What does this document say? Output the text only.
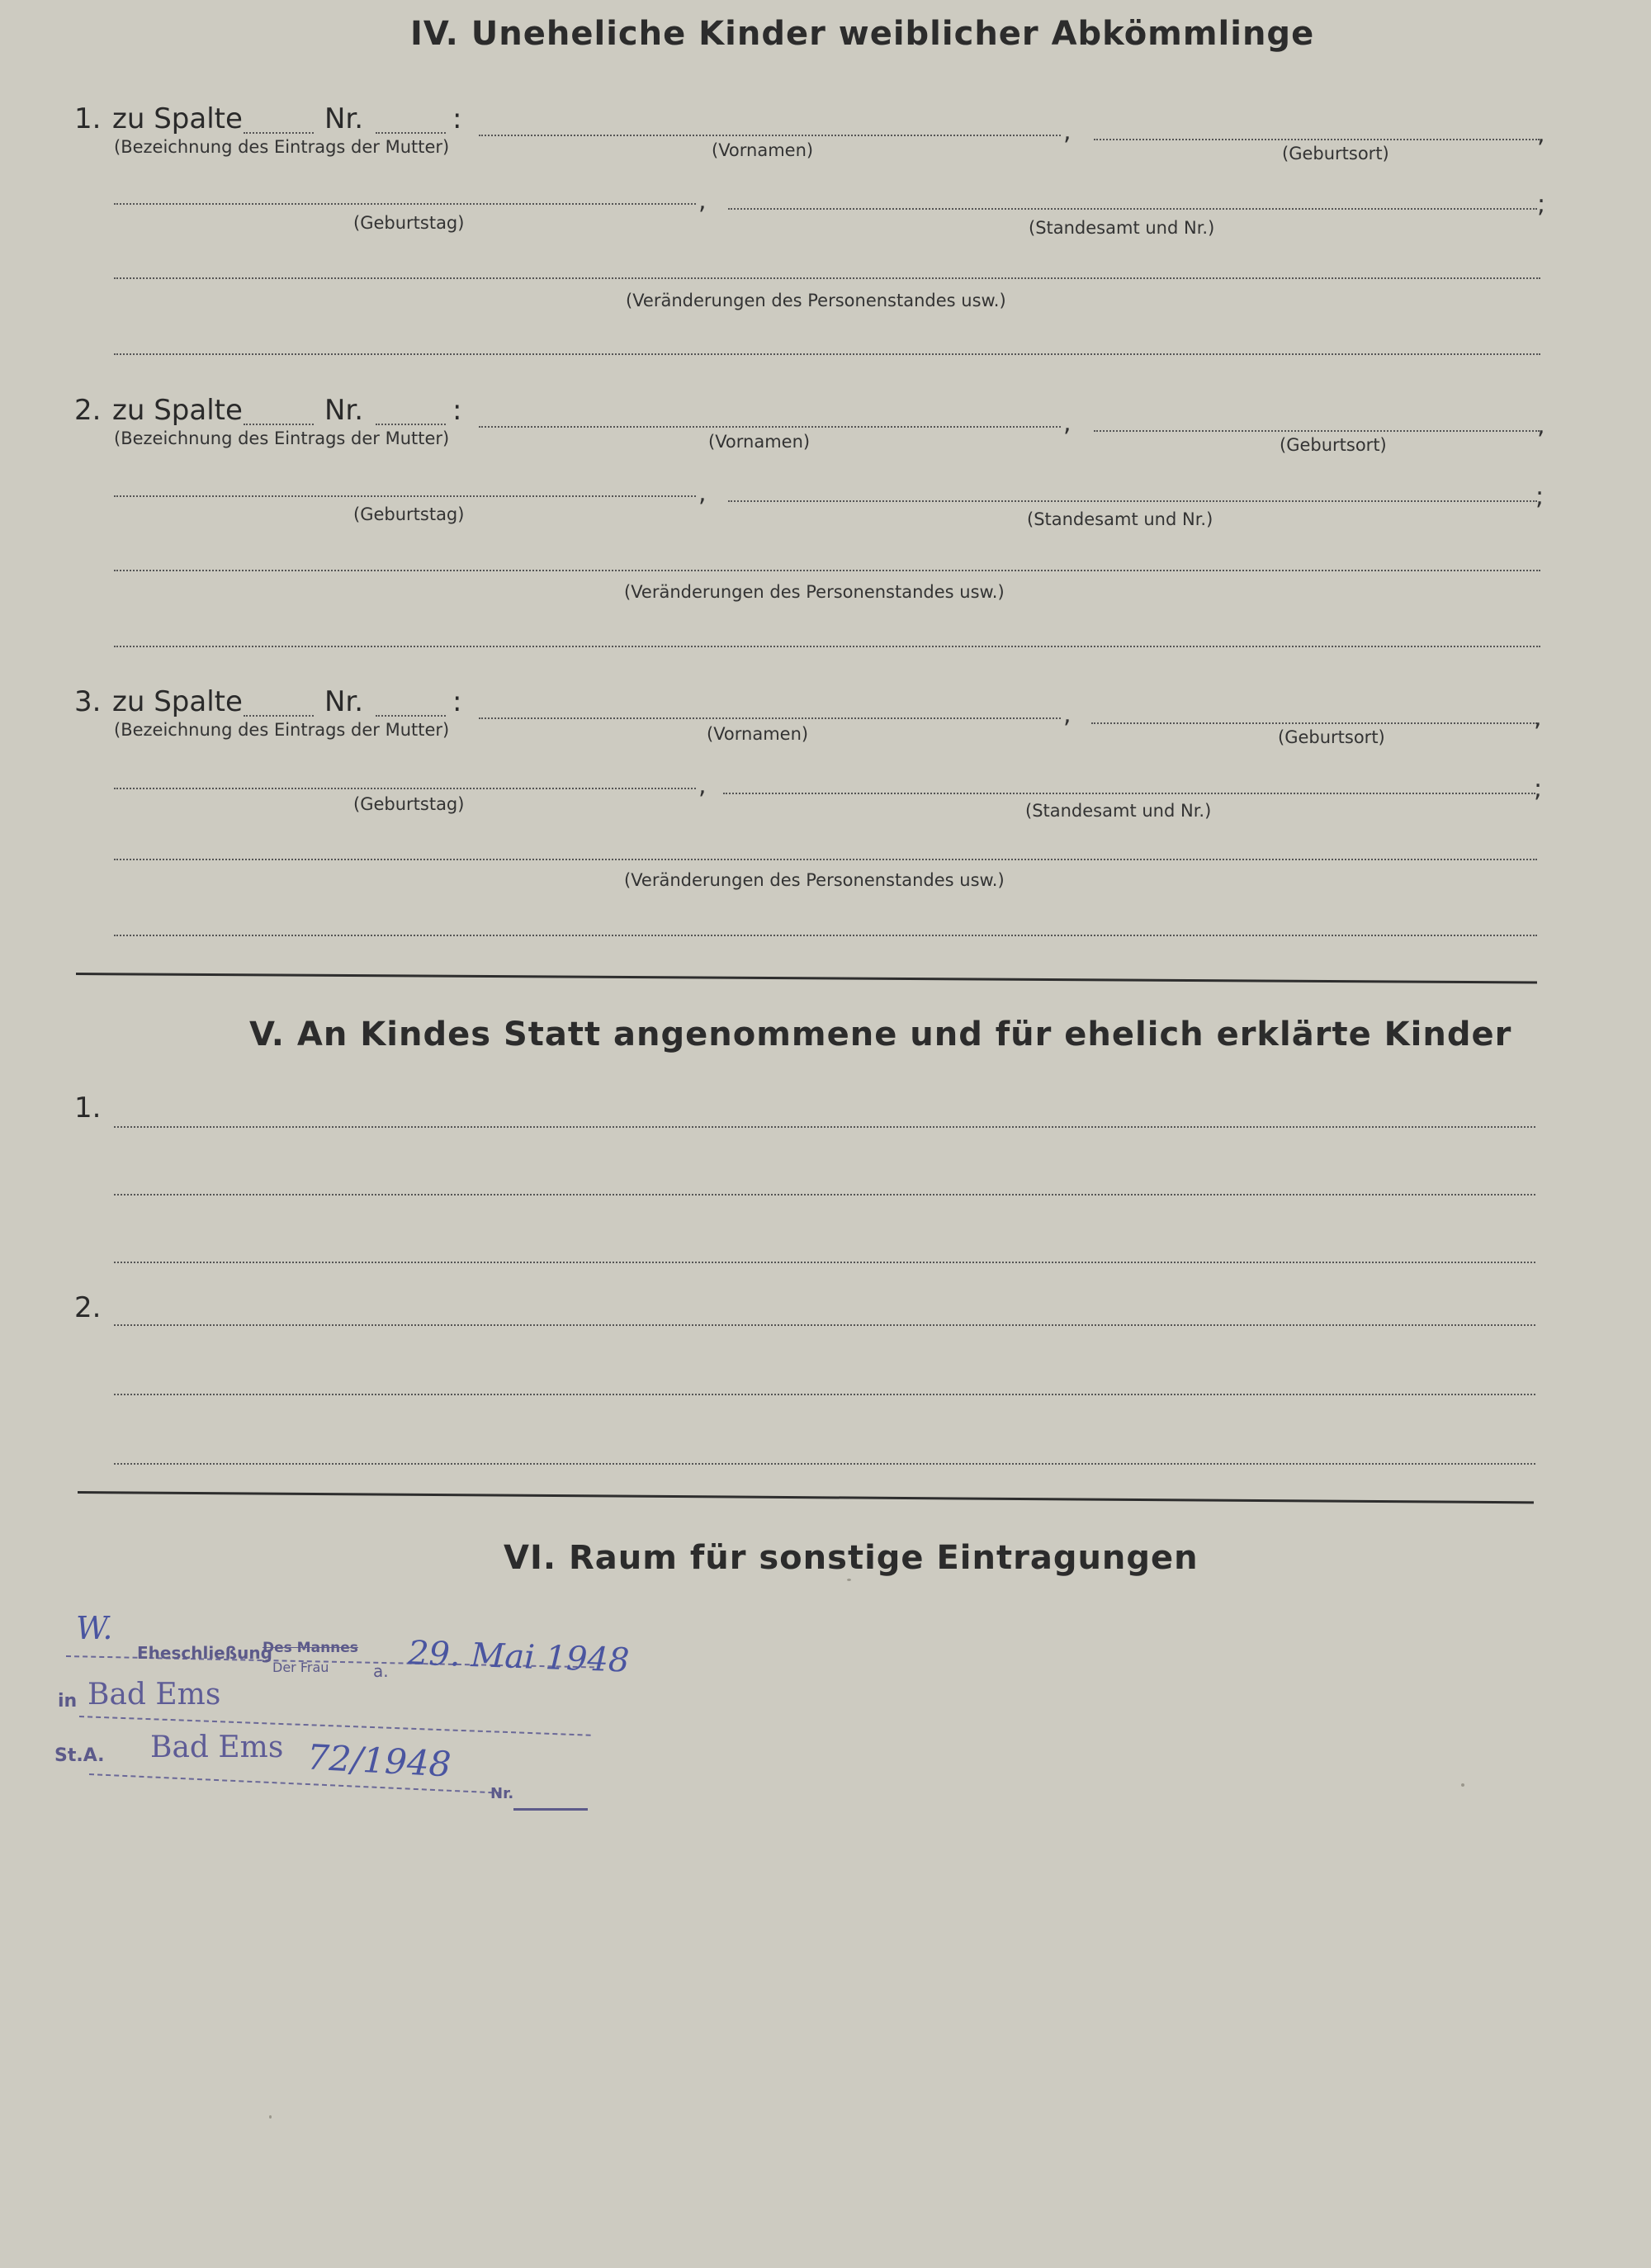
IV. Uneheliche Kinder weiblicher Abkömmlinge
1. zu Spalte	Nr.	:
(Bezeichnung des Eintrags der Mutter)
,
(Vornamen)
,
(Geburtsort)
,
(Geburtstag)
;
(Standesamt und Nr.)
(Veränderungen des Personenstandes usw.)
2. zu Spalte	Nr.	:
(Bezeichnung des Eintrags der Mutter)
,
(Vornamen)
,
(Geburtsort)
,
(Geburtstag)
;
(Standesamt und Nr.)
(Veränderungen des Personenstandes usw.)
3. zu Spalte	Nr.	:
(Bezeichnung des Eintrags der Mutter)
,
(Vornamen)
,
(Geburtsort)
,
(Geburtstag)
;
(Standesamt und Nr.)
(Veränderungen des Personenstandes usw.)
V. An Kindes Statt angenommene und für ehelich erklärte Kinder
1.
2.
VI. Raum für sonstige Eintragungen
W.
Eheschließung
Des Mannes
Der Frau	a. 29. Mai 1948
in Bad Ems
St.A. Bad Ems 72/1948
Nr.
